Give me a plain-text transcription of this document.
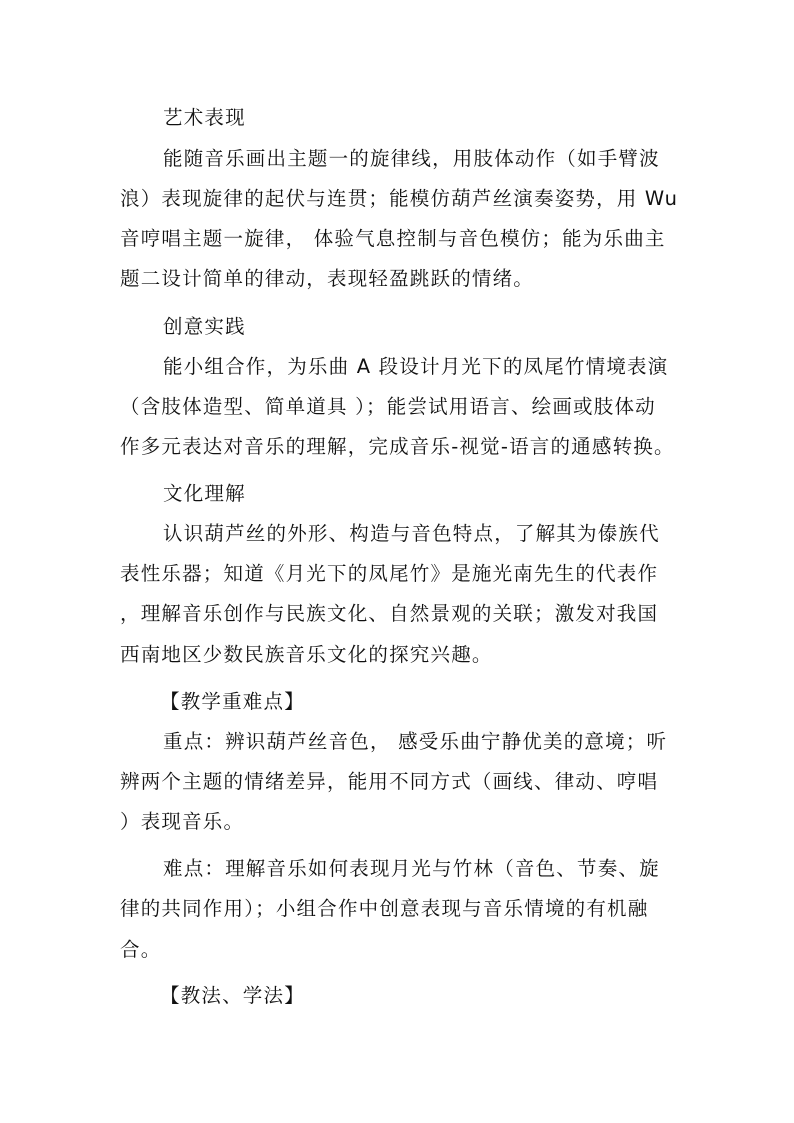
艺术表现
能随音乐画出主题一的旋律线，用肢体动作（如手臂波
浪）表现旋律的起伏与连贯；能模仿葫芦丝演奏姿势，用 Wu
音哼唱主题一旋律， 体验气息控制与音色模仿；能为乐曲主
题二设计简单的律动，表现轻盈跳跃的情绪。
创意实践
能小组合作，为乐曲 A 段设计月光下的凤尾竹情境表演
（含肢体造型、简单道具 ）；能尝试用语言、绘画或肢体动
作多元表达对音乐的理解，完成音乐-视觉-语言的通感转换。
文化理解
认识葫芦丝的外形、构造与音色特点，了解其为傣族代
表性乐器；知道《月光下的凤尾竹》是施光南先生的代表作
，理解音乐创作与民族文化、自然景观的关联；激发对我国
西南地区少数民族音乐文化的探究兴趣。
【教学重难点】
重点：辨识葫芦丝音色， 感受乐曲宁静优美的意境；听
辨两个主题的情绪差异，能用不同方式（画线、律动、哼唱
）表现音乐。
难点：理解音乐如何表现月光与竹林（音色、节奏、旋
律的共同作用）；小组合作中创意表现与音乐情境的有机融
合。
【教法、学法】
